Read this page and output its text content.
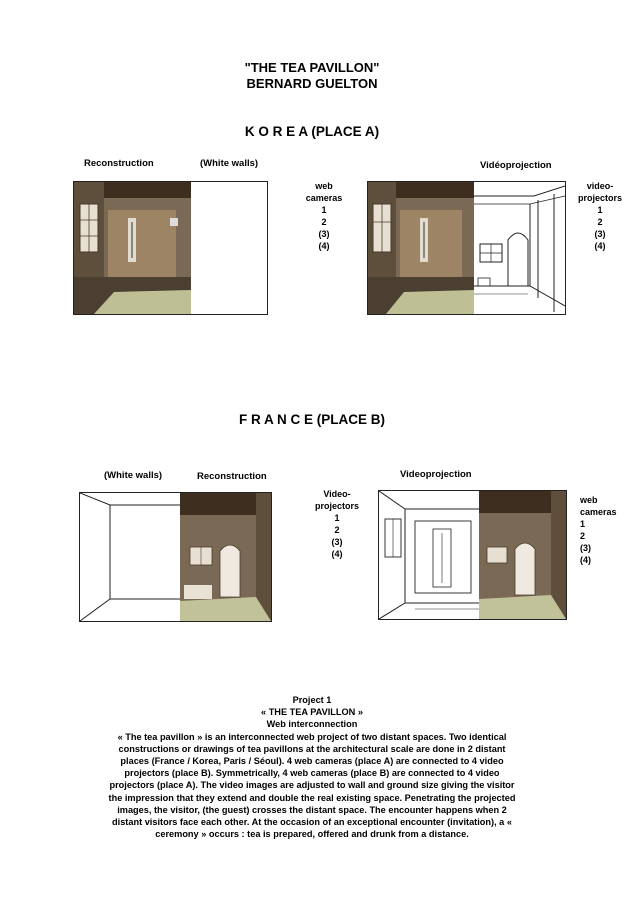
"THE TEA PAVILLON"
BERNARD GUELTON
K O R E A (PLACE A)
Reconstruction	(White walls)	Vidéoprojection
web
cameras
1
2
(3)
(4)
video-
projectors
1
2
(3)
(4)
F R A N C E (PLACE B)
(White walls)	Reconstruction	Videoprojection
Video-
projectors
1
2
(3)
(4)
web
cameras
1
2
(3)
(4)
Project 1
« THE TEA PAVILLON »
Web interconnection
« The tea pavillon » is an interconnected web project of two distant spaces. Two identical
constructions or drawings of tea pavillons at the architectural scale are done in 2 distant
places (France / Korea, Paris / Séoul). 4 web cameras (place A) are connected to 4 video
projectors (place B). Symmetrically, 4 web cameras (place B) are connected to 4 video
projectors (place A). The video images are adjusted to wall and ground size giving the visitor
the impression that they extend and double the real existing space. Penetrating the projected
images, the visitor, (the guest) crosses the distant space. The encounter happens when 2
distant visitors face each other. At the occasion of an exceptional encounter (invitation), a «
ceremony » occurs : tea is prepared, offered and drunk from a distance.
